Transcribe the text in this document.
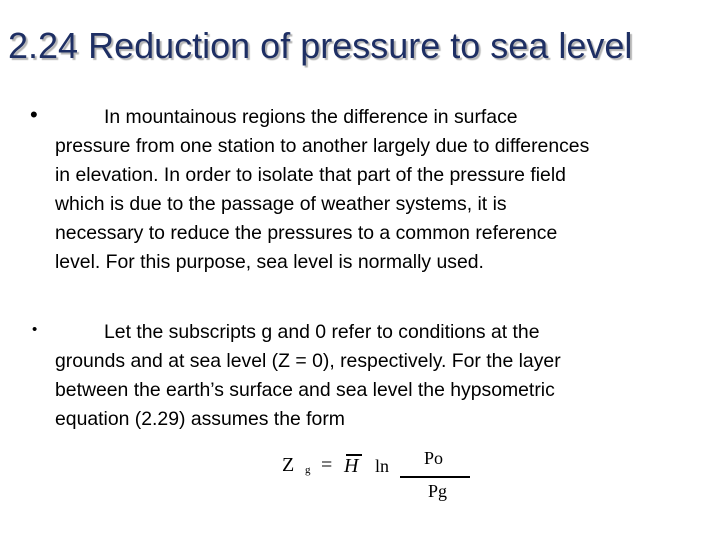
2.24 Reduction of pressure to sea level
•	In mountainous regions the difference in surface
pressure from one station to another largely due to differences
in elevation. In order to isolate that part of the pressure field
which is due to the passage of weather systems, it is
necessary to reduce the pressures to a common reference
level. For this purpose, sea level is normally used.

•	Let the subscripts g and 0 refer to conditions at the
grounds and at sea level (Z = 0), respectively. For the layer
between the earth’s surface and sea level the hypsometric
equation (2.29) assumes the form

Z g = H ln Po
Pg
